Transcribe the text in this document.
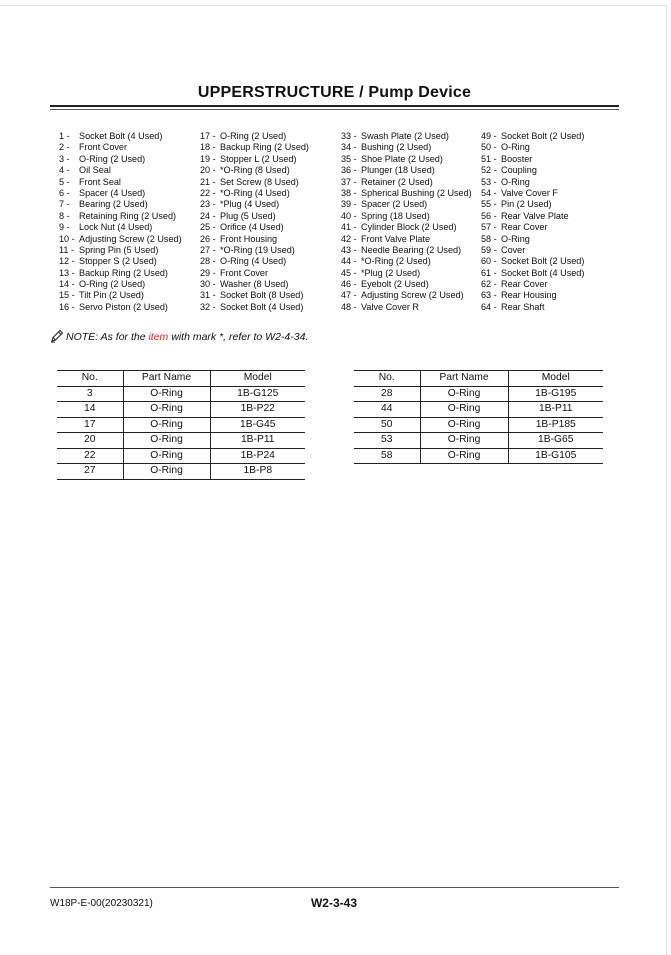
UPPERSTRUCTURE / Pump Device
1 - Socket Bolt (4 Used)
2 - Front Cover
3 - O-Ring (2 Used)
4 - Oil Seal
5 - Front Seal
6 - Spacer (4 Used)
7 - Bearing (2 Used)
8 - Retaining Ring (2 Used)
9 - Lock Nut (4 Used)
10 - Adjusting Screw (2 Used)
11 - Spring Pin (5 Used)
12 - Stopper S (2 Used)
13 - Backup Ring (2 Used)
14 - O-Ring (2 Used)
15 - Tilt Pin (2 Used)
16 - Servo Piston (2 Used)
17 - O-Ring (2 Used)
18 - Backup Ring (2 Used)
19 - Stopper L (2 Used)
20 - *O-Ring (8 Used)
21 - Set Screw (8 Used)
22 - *O-Ring (4 Used)
23 - *Plug (4 Used)
24 - Plug (5 Used)
25 - Orifice (4 Used)
26 - Front Housing
27 - *O-Ring (19 Used)
28 - O-Ring (4 Used)
29 - Front Cover
30 - Washer (8 Used)
31 - Socket Bolt (8 Used)
32 - Socket Bolt (4 Used)
33 - Swash Plate (2 Used)
34 - Bushing (2 Used)
35 - Shoe Plate (2 Used)
36 - Plunger (18 Used)
37 - Retainer (2 Used)
38 - Spherical Bushing (2 Used)
39 - Spacer (2 Used)
40 - Spring (18 Used)
41 - Cylinder Block (2 Used)
42 - Front Valve Plate
43 - Needle Bearing (2 Used)
44 - *O-Ring (2 Used)
45 - *Plug (2 Used)
46 - Eyebolt (2 Used)
47 - Adjusting Screw (2 Used)
48 - Valve Cover R
49 - Socket Bolt (2 Used)
50 - O-Ring
51 - Booster
52 - Coupling
53 - O-Ring
54 - Valve Cover F
55 - Pin (2 Used)
56 - Rear Valve Plate
57 - Rear Cover
58 - O-Ring
59 - Cover
60 - Socket Bolt (2 Used)
61 - Socket Bolt (4 Used)
62 - Rear Cover
63 - Rear Housing
64 - Rear Shaft
NOTE: As for the item with mark *, refer to W2-4-34.
No.	Part Name	Model
3	O-Ring	1B-G125
14	O-Ring	1B-P22
17	O-Ring	1B-G45
20	O-Ring	1B-P11
22	O-Ring	1B-P24
27	O-Ring	1B-P8
No.	Part Name	Model
28	O-Ring	1B-G195
44	O-Ring	1B-P11
50	O-Ring	1B-P185
53	O-Ring	1B-G65
58	O-Ring	1B-G105
W18P-E-00(20230321)	W2-3-43
